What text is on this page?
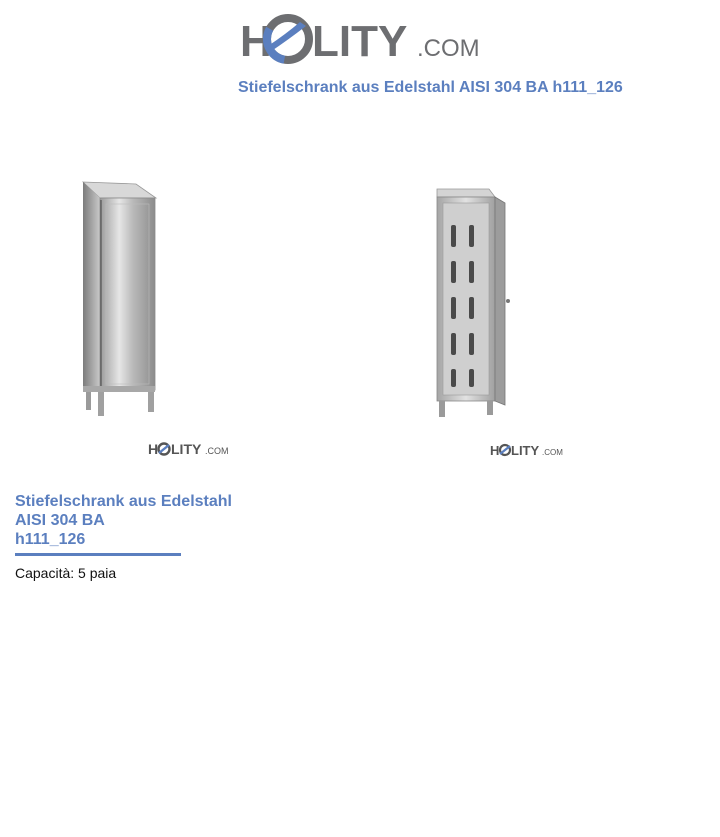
H LITY .COM
Stiefelschrank aus Edelstahl AISI 304 BA h111_126
H LITY .COM	H LITY .COM
Stiefelschrank aus Edelstahl
AISI 304 BA
h111_126
Capacità: 5 paia
